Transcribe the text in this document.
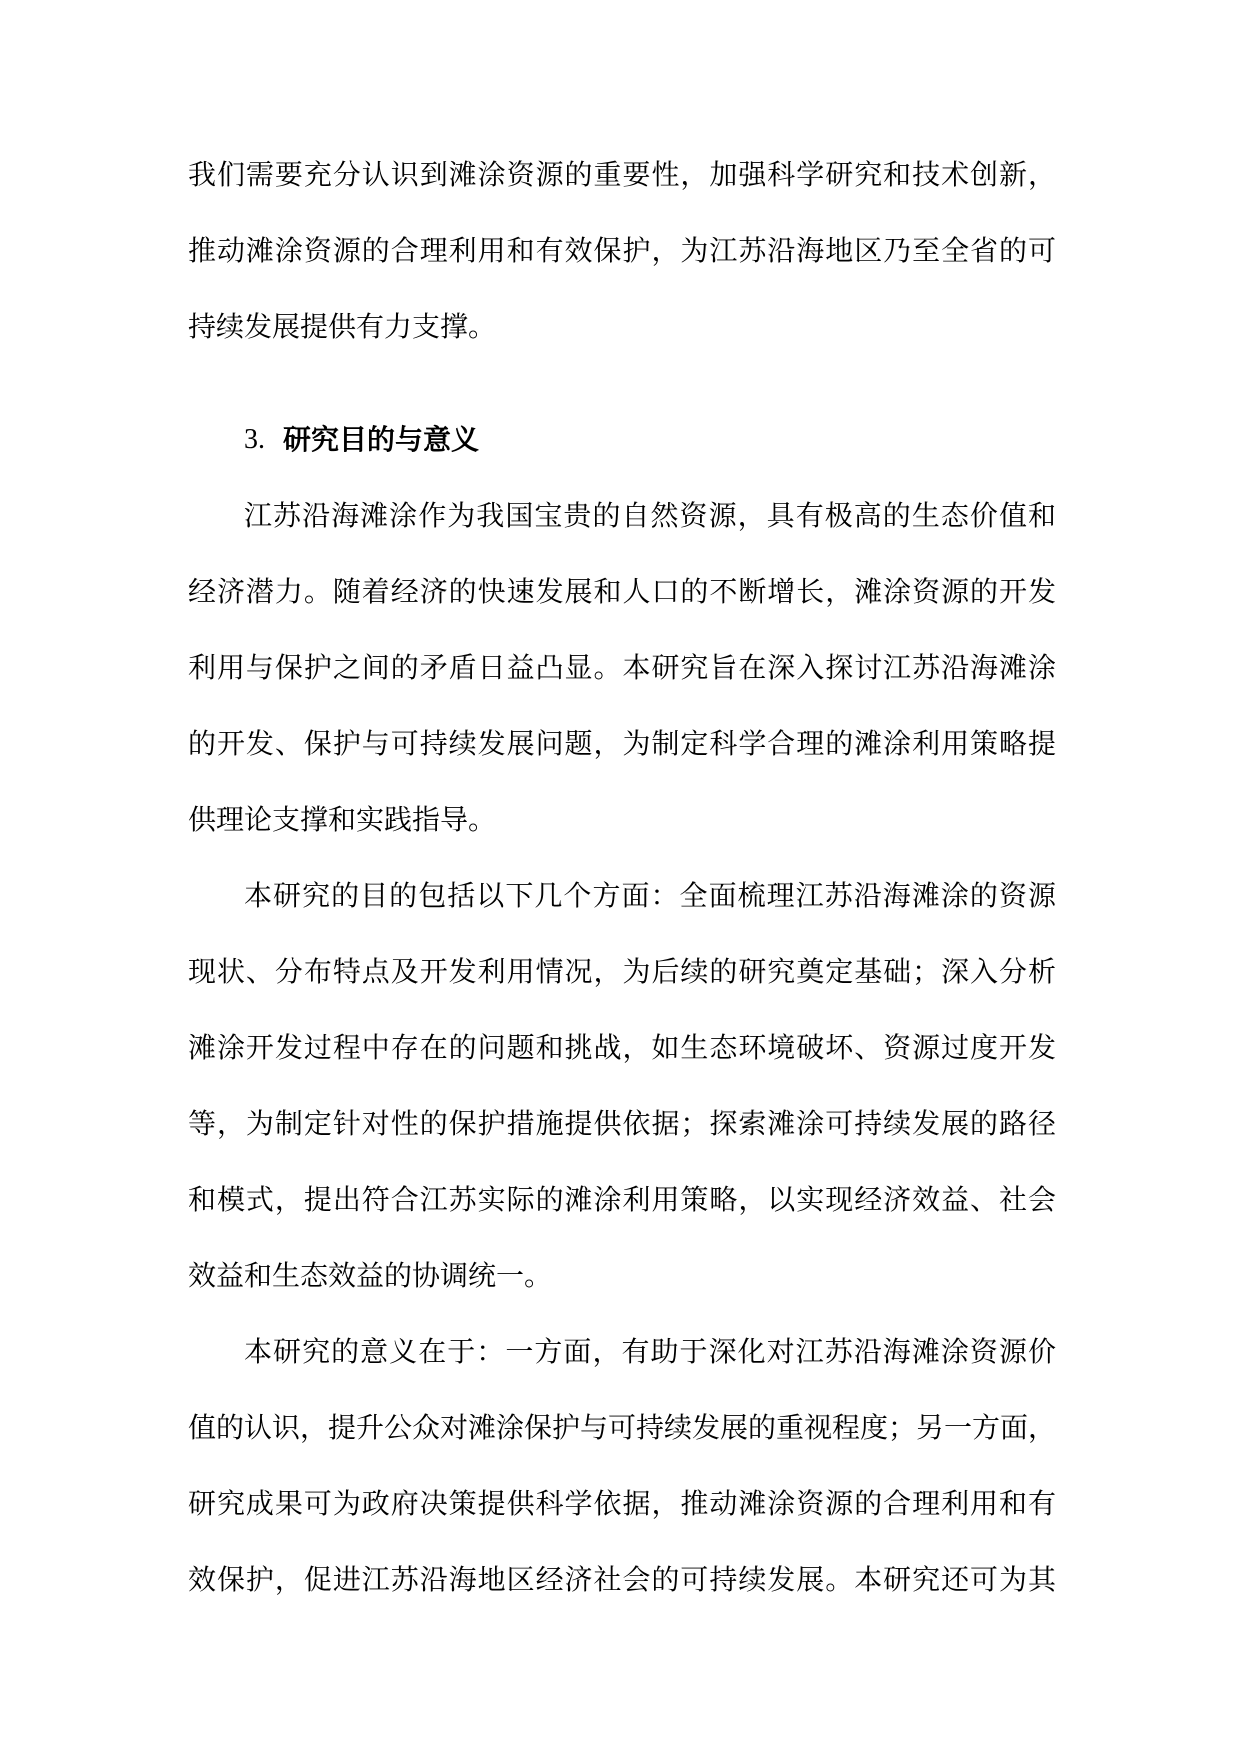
我们需要充分认识到滩涂资源的重要性，加强科学研究和技术创新，
推动滩涂资源的合理利用和有效保护，为江苏沿海地区乃至全省的可
持续发展提供有力支撑。
3. 研究目的与意义
江苏沿海滩涂作为我国宝贵的自然资源，具有极高的生态价值和
经济潜力。随着经济的快速发展和人口的不断增长，滩涂资源的开发
利用与保护之间的矛盾日益凸显。本研究旨在深入探讨江苏沿海滩涂
的开发、保护与可持续发展问题，为制定科学合理的滩涂利用策略提
供理论支撑和实践指导。
本研究的目的包括以下几个方面：全面梳理江苏沿海滩涂的资源
现状、分布特点及开发利用情况，为后续的研究奠定基础；深入分析
滩涂开发过程中存在的问题和挑战，如生态环境破坏、资源过度开发
等，为制定针对性的保护措施提供依据；探索滩涂可持续发展的路径
和模式，提出符合江苏实际的滩涂利用策略，以实现经济效益、社会
效益和生态效益的协调统一。
本研究的意义在于：一方面，有助于深化对江苏沿海滩涂资源价
值的认识，提升公众对滩涂保护与可持续发展的重视程度；另一方面，
研究成果可为政府决策提供科学依据，推动滩涂资源的合理利用和有
效保护，促进江苏沿海地区经济社会的可持续发展。本研究还可为其
